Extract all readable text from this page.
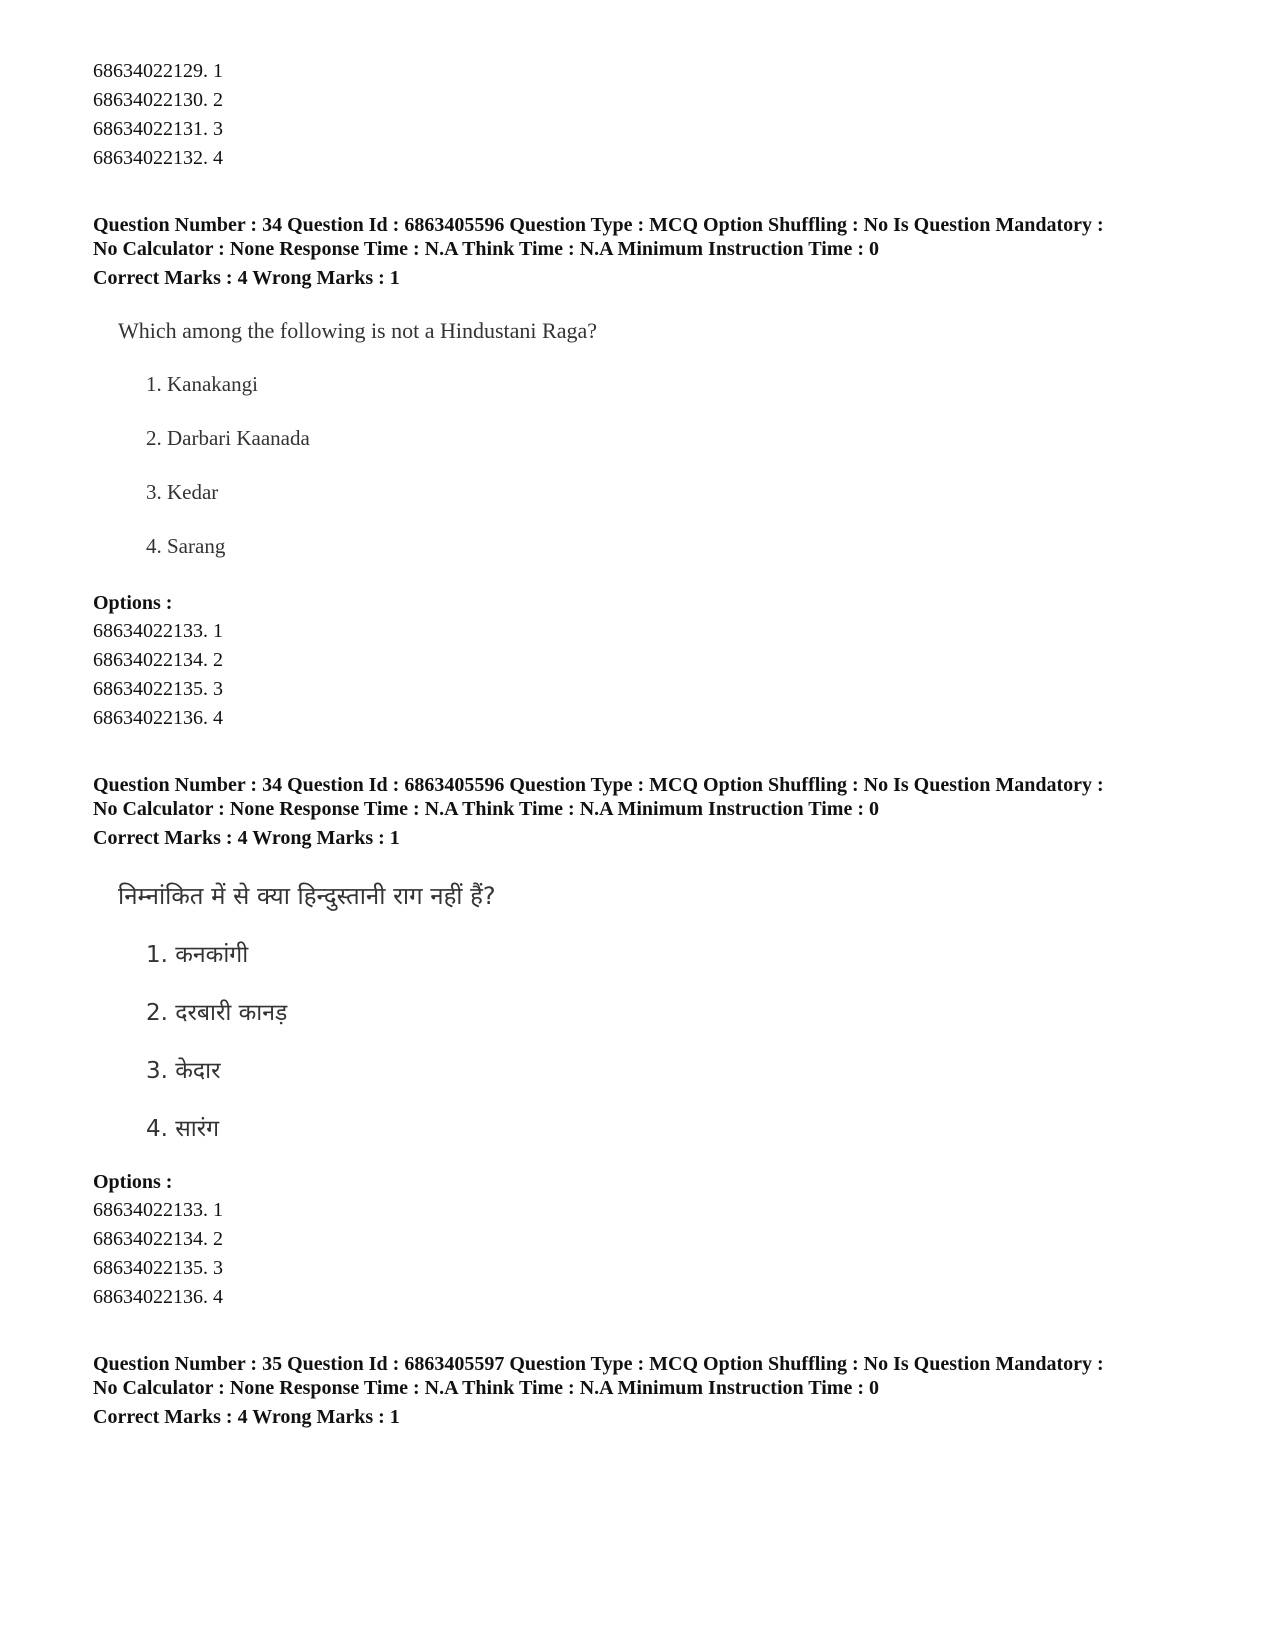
68634022129. 1
68634022130. 2
68634022131. 3
68634022132. 4
Question Number : 34 Question Id : 6863405596 Question Type : MCQ Option Shuffling : No Is Question Mandatory :
No Calculator : None Response Time : N.A Think Time : N.A Minimum Instruction Time : 0
Correct Marks : 4 Wrong Marks : 1
Which among the following is not a Hindustani Raga?
1. Kanakangi
2. Darbari Kaanada
3. Kedar
4. Sarang
Options :
68634022133. 1
68634022134. 2
68634022135. 3
68634022136. 4
Question Number : 34 Question Id : 6863405596 Question Type : MCQ Option Shuffling : No Is Question Mandatory :
No Calculator : None Response Time : N.A Think Time : N.A Minimum Instruction Time : 0
Correct Marks : 4 Wrong Marks : 1
निम्नांकित में से क्या हिन्दुस्तानी राग नहीं हैं?
1. कनकांगी
2. दरबारी कानड़
3. केदार
4. सारंग
Options :
68634022133. 1
68634022134. 2
68634022135. 3
68634022136. 4
Question Number : 35 Question Id : 6863405597 Question Type : MCQ Option Shuffling : No Is Question Mandatory :
No Calculator : None Response Time : N.A Think Time : N.A Minimum Instruction Time : 0
Correct Marks : 4 Wrong Marks : 1
